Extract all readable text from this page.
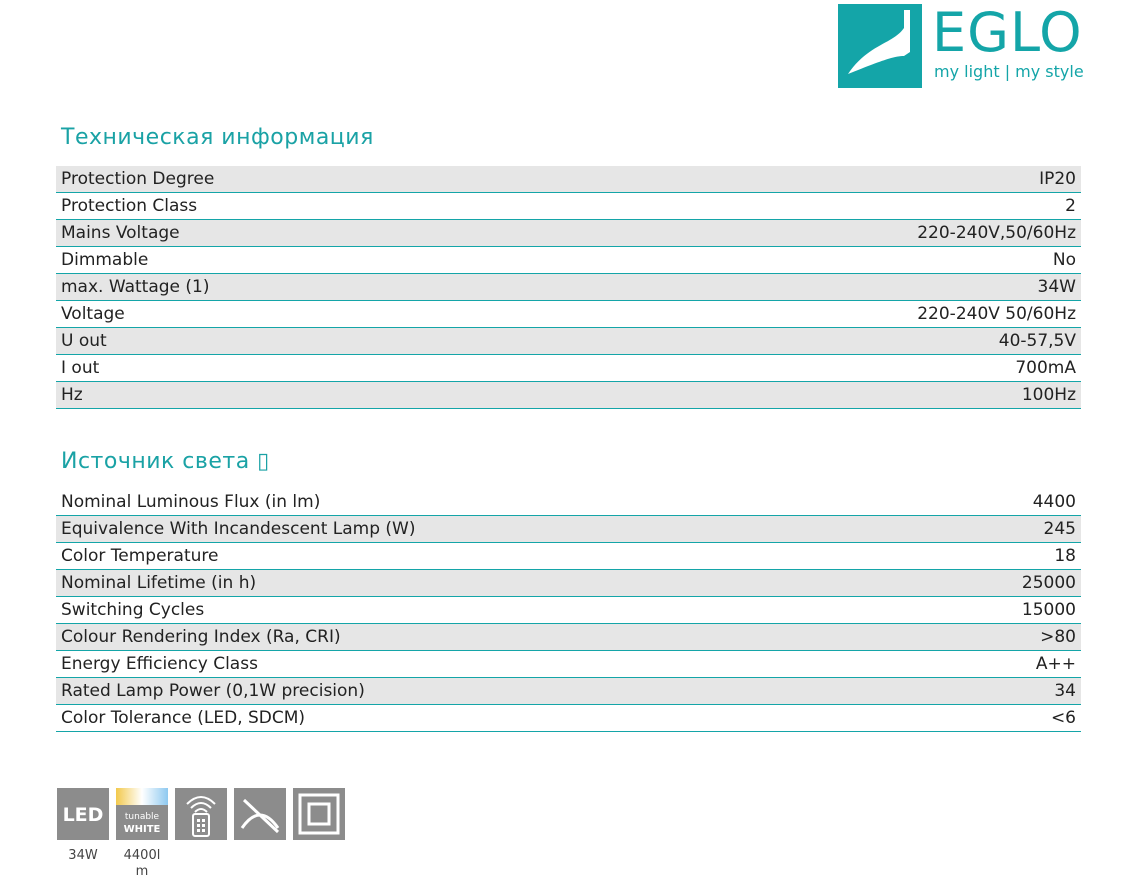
EGLO
my light | my style
Техническая информация
Protection Degree	IP20
Protection Class	2
Mains Voltage	220-240V,50/60Hz
Dimmable	No
max. Wattage (1)	34W
Voltage	220-240V 50/60Hz
U out	40-57,5V
I out	700mA
Hz	100Hz
Источник света ▯
Nominal Luminous Flux (in lm)	4400
Equivalence With Incandescent Lamp (W)	245
Color Temperature	18
Nominal Lifetime (in h)	25000
Switching Cycles	15000
Colour Rendering Index (Ra, CRI)	>80
Energy Efficiency Class	A++
Rated Lamp Power (0,1W precision)	34
Color Tolerance (LED, SDCM)	<6
LED tunable
WHITE
34W	4400l
m
